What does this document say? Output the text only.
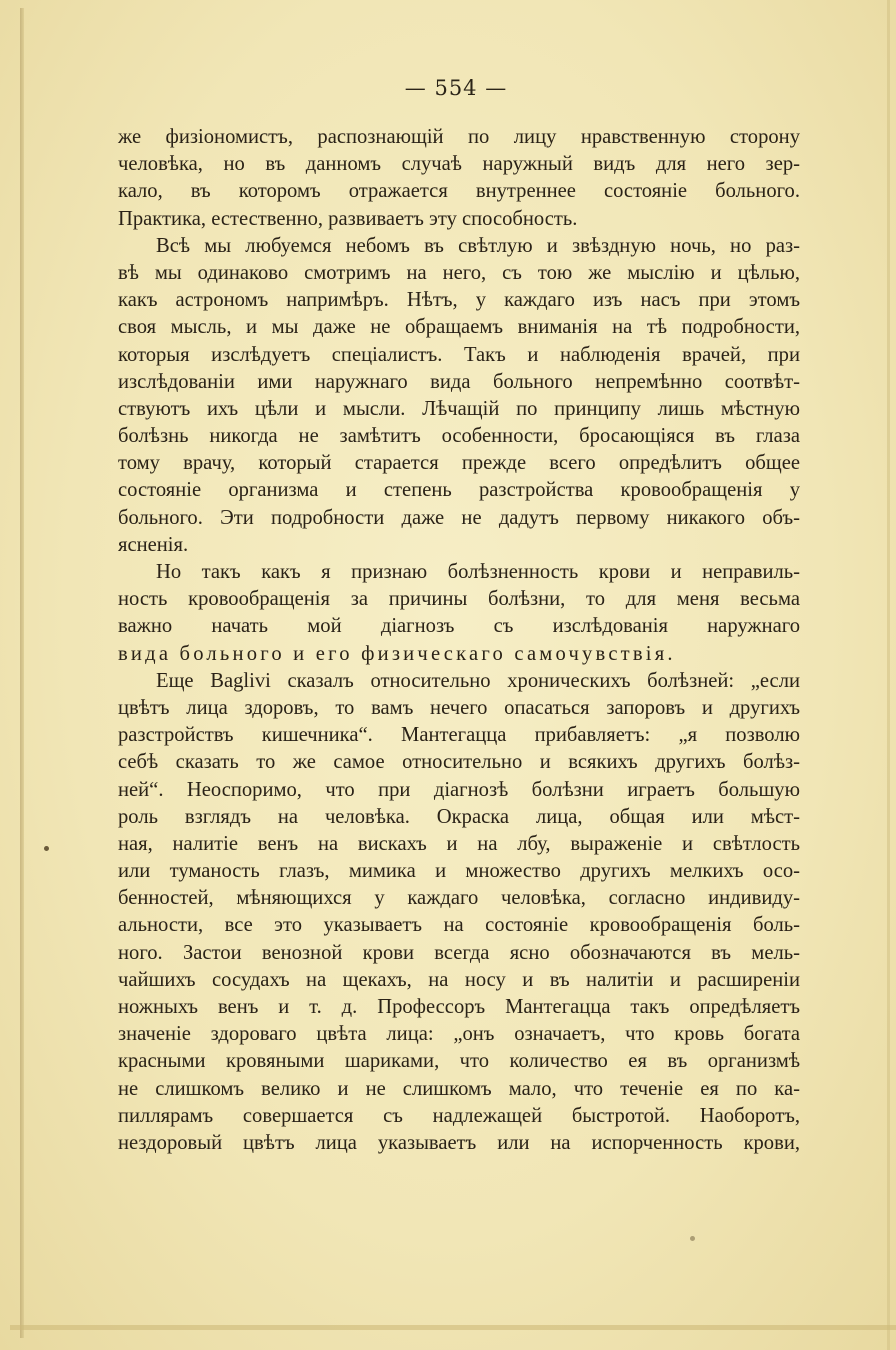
— 554 —
же физіономистъ, распознающій по лицу нравственную сторону
человѣка, но въ данномъ случаѣ наружный видъ для него зер-
кало, въ которомъ отражается внутреннее состояніе больного.
Практика, естественно, развиваетъ эту способность.
Всѣ мы любуемся небомъ въ свѣтлую и звѣздную ночь, но раз-
вѣ мы одинаково смотримъ на него, съ тою же мыслію и цѣлью,
какъ астрономъ напримѣръ. Нѣтъ, у каждаго изъ насъ при этомъ
своя мысль, и мы даже не обращаемъ вниманія на тѣ подробности,
которыя изслѣдуетъ спеціалистъ. Такъ и наблюденія врачей, при
изслѣдованіи ими наружнаго вида больного непремѣнно соотвѣт-
ствуютъ ихъ цѣли и мысли. Лѣчащій по принципу лишь мѣстную
болѣзнь никогда не замѣтитъ особенности, бросающіяся въ глаза
тому врачу, который старается прежде всего опредѣлитъ общее
состояніе организма и степень разстройства кровообращенія у
больного. Эти подробности даже не дадутъ первому никакого объ-
ясненія.
Но такъ какъ я признаю болѣзненность крови и неправиль-
ность кровообращенія за причины болѣзни, то для меня весьма
важно начать мой діагнозъ съ изслѣдованія наружнаго
вида больного и его физическаго самочувствія.
Еще Baglivi сказалъ относительно хроническихъ болѣзней: „если
цвѣтъ лица здоровъ, то вамъ нечего опасаться запоровъ и другихъ
разстройствъ кишечника“. Мантегацца прибавляетъ: „я позволю
себѣ сказать то же самое относительно и всякихъ другихъ болѣз-
ней“. Неоспоримо, что при діагнозѣ болѣзни играетъ большую
роль взглядъ на человѣка. Окраска лица, общая или мѣст-
ная, налитіе венъ на вискахъ и на лбу, выраженіе и свѣтлость
или туманость глазъ, мимика и множество другихъ мелкихъ осо-
бенностей, мѣняющихся у каждаго человѣка, согласно индивиду-
альности, все это указываетъ на состояніе кровообращенія боль-
ного. Застои венозной крови всегда ясно обозначаются въ мель-
чайшихъ сосудахъ на щекахъ, на носу и въ налитіи и расширеніи
ножныхъ венъ и т. д. Профессоръ Мантегацца такъ опредѣляетъ
значеніе здороваго цвѣта лица: „онъ означаетъ, что кровь богата
красными кровяными шариками, что количество ея въ организмѣ
не слишкомъ велико и не слишкомъ мало, что теченіе ея по ка-
пиллярамъ совершается съ надлежащей быстротой. Наоборотъ,
нездоровый цвѣтъ лица указываетъ или на испорченность крови,
